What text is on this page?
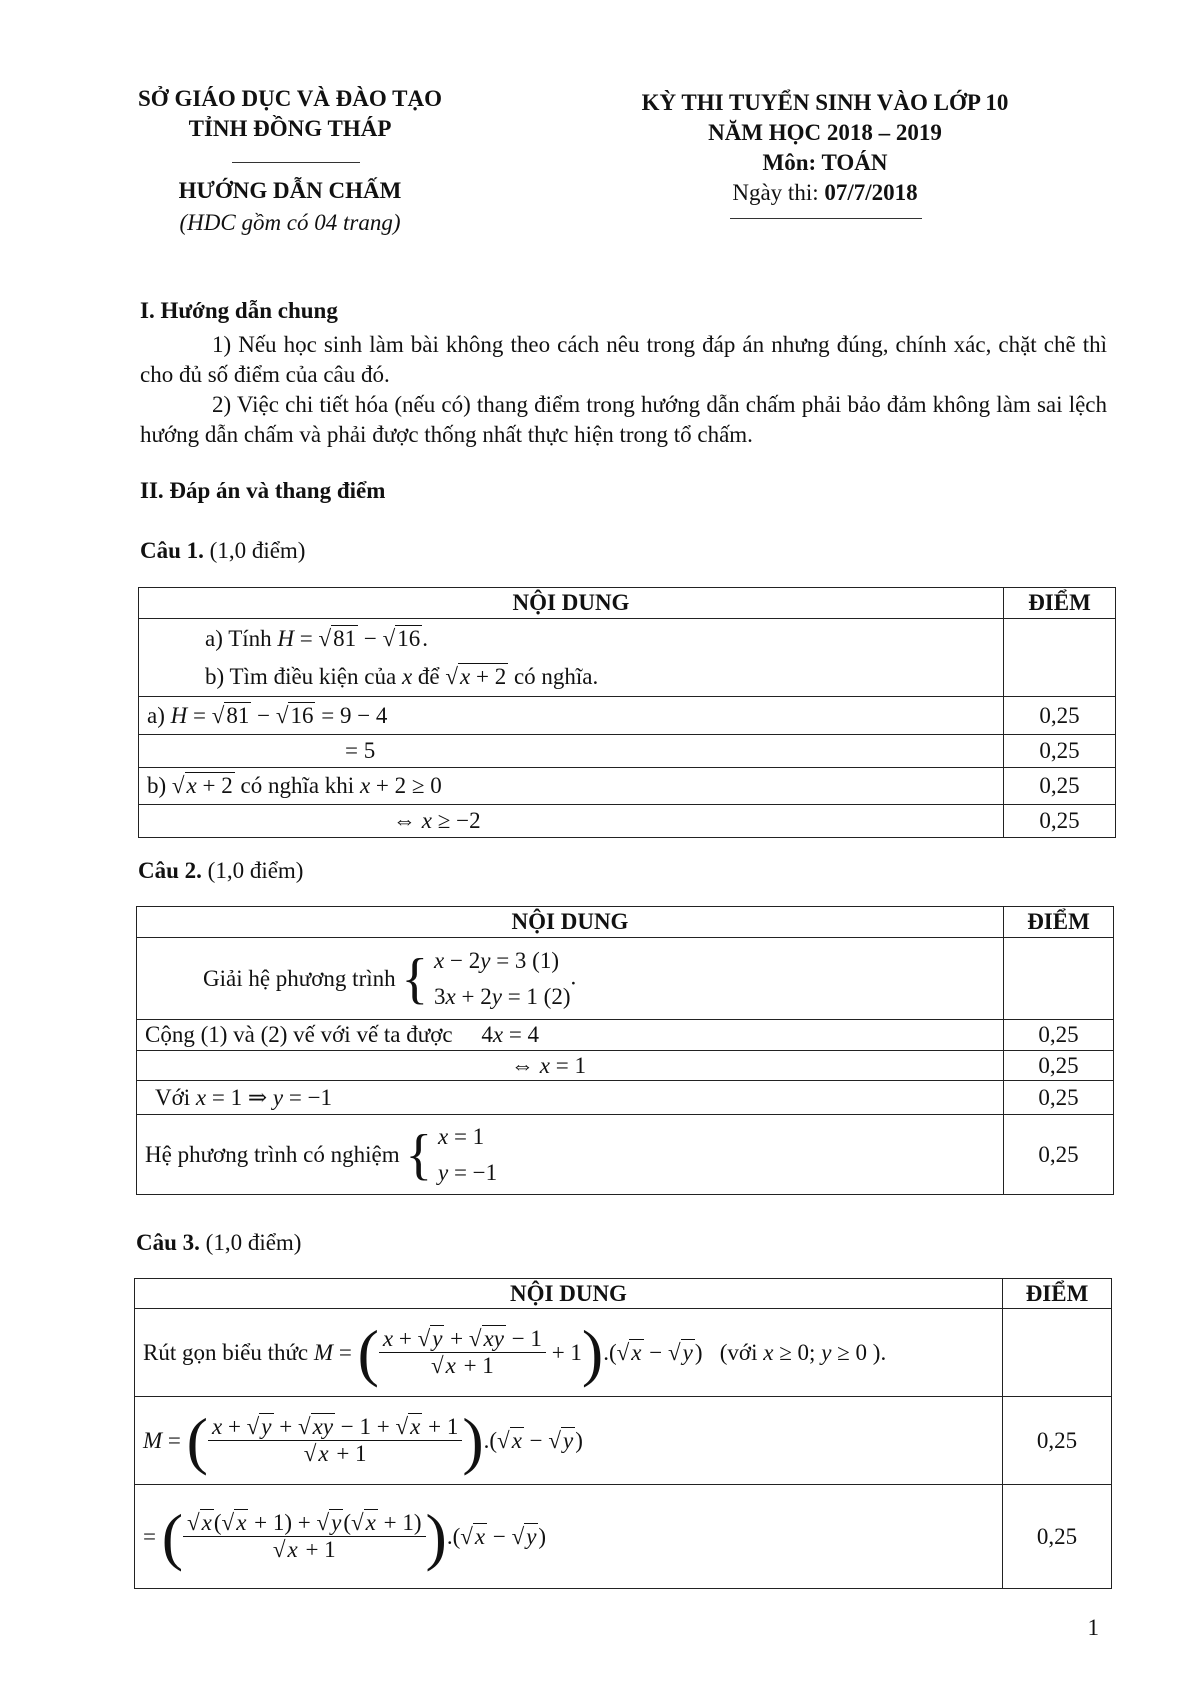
SỞ GIÁO DỤC VÀ ĐÀO TẠO
TỈNH ĐỒNG THÁP
HƯỚNG DẪN CHẤM
(HDC gồm có 04 trang)
KỲ THI TUYỂN SINH VÀO LỚP 10
NĂM HỌC 2018 – 2019
Môn: TOÁN
Ngày thi: 07/7/2018
I. Hướng dẫn chung
1) Nếu học sinh làm bài không theo cách nêu trong đáp án nhưng đúng, chính xác, chặt chẽ thì cho đủ số điểm của câu đó.
2) Việc chi tiết hóa (nếu có) thang điểm trong hướng dẫn chấm phải bảo đảm không làm sai lệch hướng dẫn chấm và phải được thống nhất thực hiện trong tổ chấm.
II. Đáp án và thang điểm
Câu 1. (1,0 điểm)
NỘI DUNG	ĐIỂM

a) Tính H = √81 − √16.
b) Tìm điều kiện của x để √x + 2 có nghĩa.	

a) H = √81 − √16 = 9 − 4	0,25
= 5	0,25
b) √x + 2 có nghĩa khi x + 2 ≥ 0	0,25
⇔ x ≥ −2	0,25
Câu 2. (1,0 điểm)
NỘI DUNG	ĐIỂM
Giải hệ phương trình { x − 2y = 3 (1)
3x + 2y = 1 (2)
.	
Cộng (1) và (2) vế với vế ta được     4x = 4	0,25
⇔ x = 1	0,25
Với x = 1 ⇒ y = −1	0,25
Hệ phương trình có nghiệm { x = 1
y = −1	0,25
Câu 3. (1,0 điểm)
NỘI DUNG	ĐIỂM
Rút gọn biểu thức M = ( $\frac{x + √y + √xy - 1}{√x + 1} + 1).(√x - √y)$   (với x ≥ 0; y ≥ 0 ).	
M = ( $\frac{x + √y + √xy - 1 + √x + 1}{√x + 1} ).(√x - √y)$	0,25
= ( $\frac{√x(√x + 1) + √y(√x + 1)}{√x + 1} ).(√x - √y)$	0,25
1
